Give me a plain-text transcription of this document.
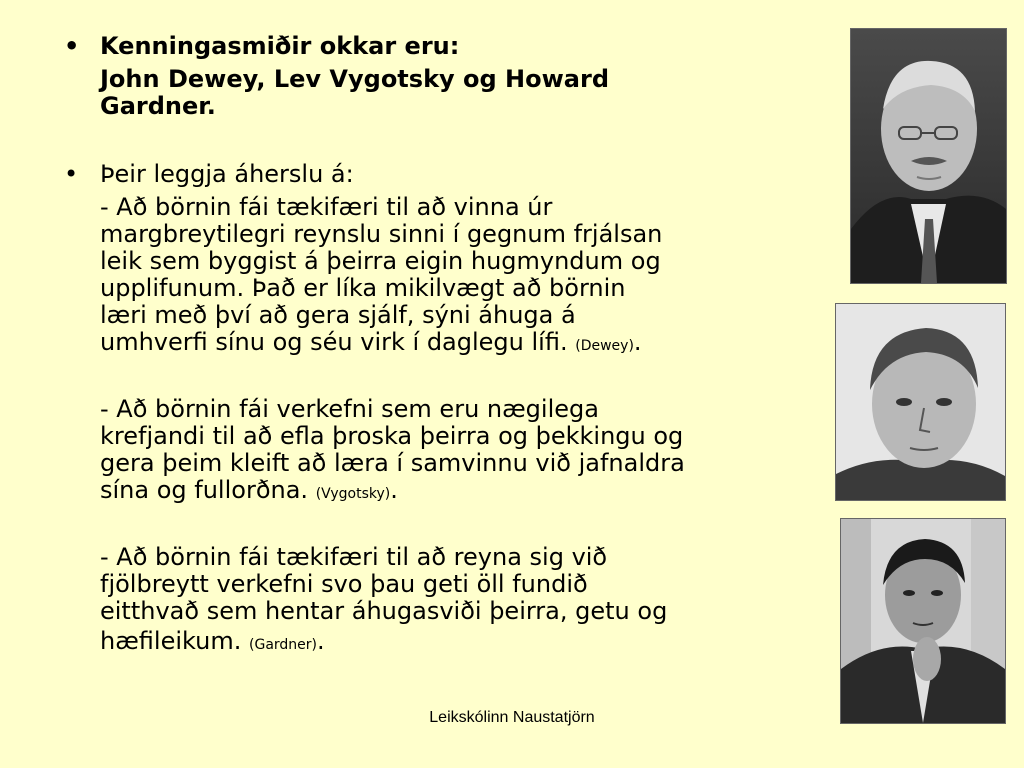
• Kenningasmiðir okkar eru:
John Dewey, Lev Vygotsky og Howard
Gardner.
• Þeir leggja áherslu á:
- Að börnin fái tækifæri til að vinna úr
margbreytilegri reynslu sinni í gegnum frjálsan
leik sem byggist á þeirra eigin hugmyndum og
upplifunum. Það er líka mikilvægt að börnin
læri með því að gera sjálf, sýni áhuga á
umhverfi sínu og séu virk í daglegu lífi. (Dewey).
- Að börnin fái verkefni sem eru nægilega
krefjandi til að efla þroska þeirra og þekkingu og
gera þeim kleift að læra í samvinnu við jafnaldra
sína og fullorðna. (Vygotsky).
- Að börnin fái tækifæri til að reyna sig við
fjölbreytt verkefni svo þau geti öll fundið
eitthvað sem hentar áhugasviði þeirra, getu og
hæfileikum. (Gardner).
Leikskólinn Naustatjörn
